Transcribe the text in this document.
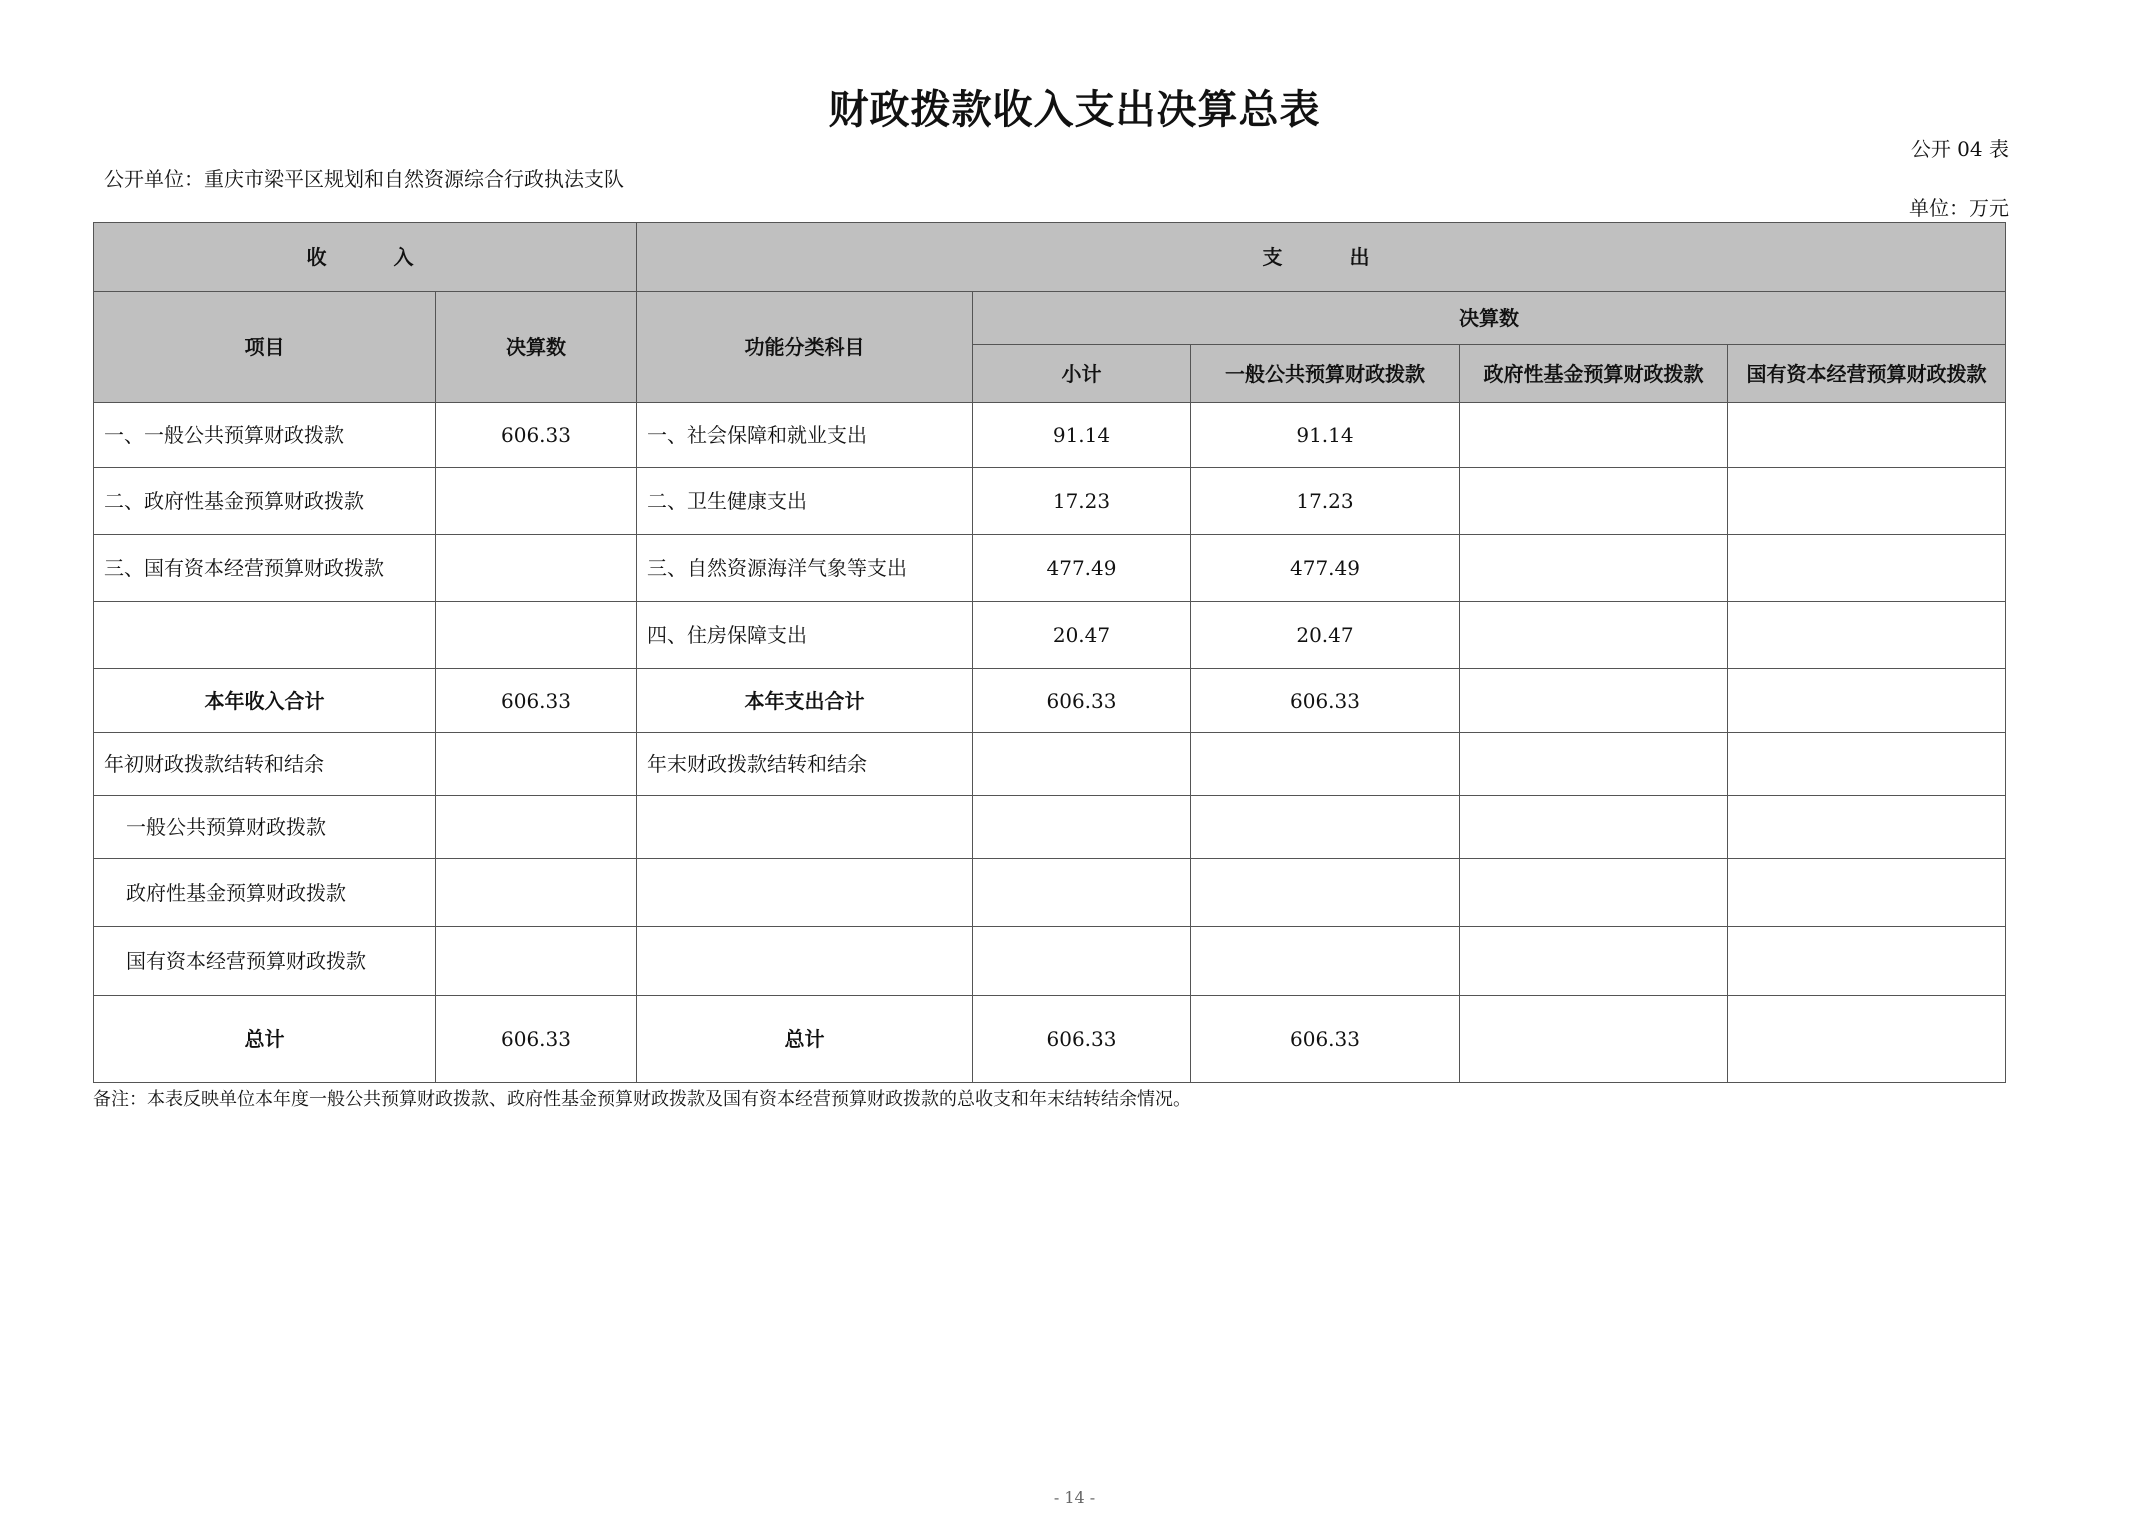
财政拨款收入支出决算总表
公开 04 表
公开单位：重庆市梁平区规划和自然资源综合行政执法支队
单位：万元
收 入		支 出				
项目	决算数	功能分类科目	决算数			
			小计	一般公共预算财政拨款	政府性基金预算财政拨款	国有资本经营预算财政拨款
一、一般公共预算财政拨款	606.33	一、社会保障和就业支出	91.14	91.14		
二、政府性基金预算财政拨款		二、卫生健康支出	17.23	17.23		
三、国有资本经营预算财政拨款		三、自然资源海洋气象等支出	477.49	477.49		
		四、住房保障支出	20.47	20.47		
本年收入合计	606.33	本年支出合计	606.33	606.33		
年初财政拨款结转和结余		年末财政拨款结转和结余				
一般公共预算财政拨款						
政府性基金预算财政拨款						
国有资本经营预算财政拨款						
总计	606.33	总计	606.33	606.33		
备注：本表反映单位本年度一般公共预算财政拨款、政府性基金预算财政拨款及国有资本经营预算财政拨款的总收支和年末结转结余情况。
- 14 -
